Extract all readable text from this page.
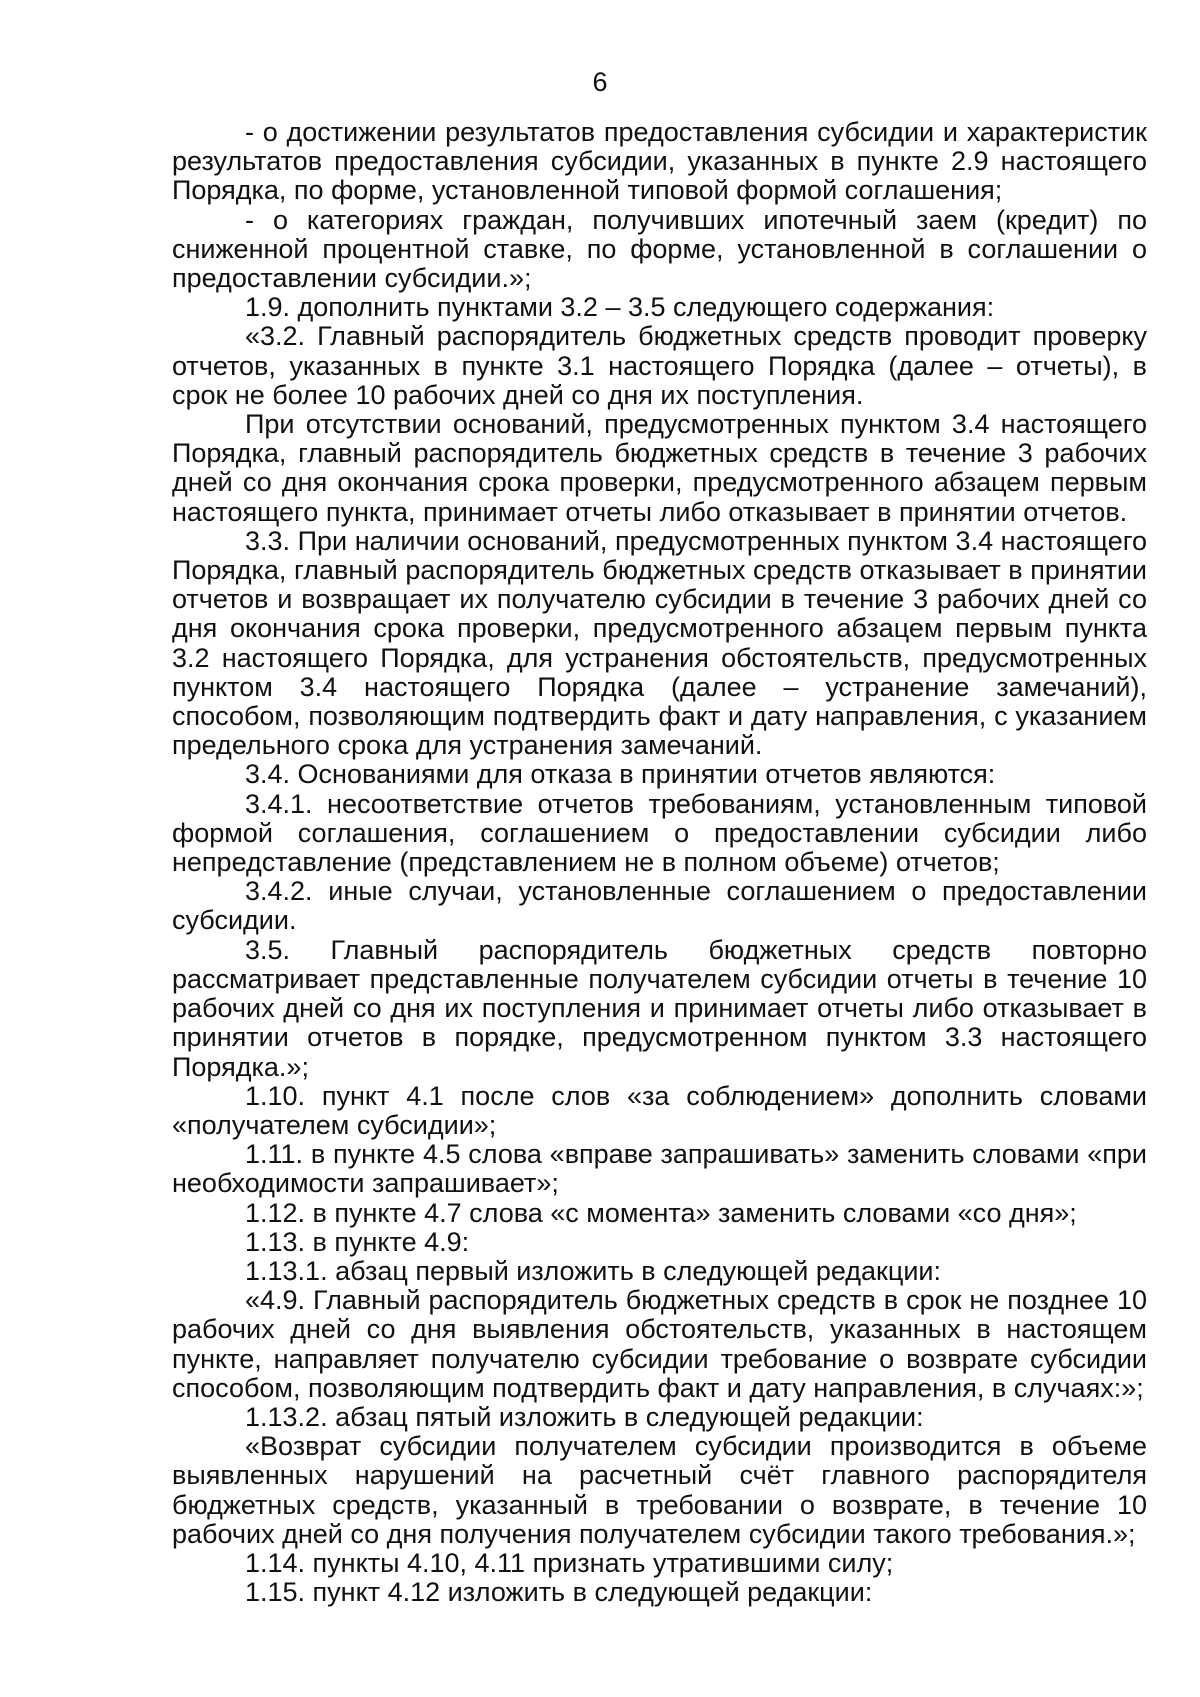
6

- о достижении результатов предоставления субсидии и характеристик результатов предоставления субсидии, указанных в пункте 2.9 настоящего Порядка, по форме, установленной типовой формой соглашения;

- о категориях граждан, получивших ипотечный заем (кредит) по сниженной процентной ставке, по форме, установленной в соглашении о предоставлении субсидии.»;

1.9. дополнить пунктами 3.2 – 3.5 следующего содержания:

«3.2. Главный распорядитель бюджетных средств проводит проверку отчетов, указанных в пункте 3.1 настоящего Порядка (далее – отчеты), в срок не более 10 рабочих дней со дня их поступления.

При отсутствии оснований, предусмотренных пунктом 3.4 настоящего Порядка, главный распорядитель бюджетных средств в течение 3 рабочих дней со дня окончания срока проверки, предусмотренного абзацем первым настоящего пункта, принимает отчеты либо отказывает в принятии отчетов.

3.3. При наличии оснований, предусмотренных пунктом 3.4 настоящего Порядка, главный распорядитель бюджетных средств отказывает в принятии отчетов и возвращает их получателю субсидии в течение 3 рабочих дней со дня окончания срока проверки, предусмотренного абзацем первым пункта 3.2 настоящего Порядка, для устранения обстоятельств, предусмотренных пунктом 3.4 настоящего Порядка (далее – устранение замечаний), способом, позволяющим подтвердить факт и дату направления, с указанием предельного срока для устранения замечаний.

3.4. Основаниями для отказа в принятии отчетов являются:

3.4.1. несоответствие отчетов требованиям, установленным типовой формой соглашения, соглашением о предоставлении субсидии либо непредставление (представлением не в полном объеме) отчетов;

3.4.2. иные случаи, установленные соглашением о предоставлении субсидии.

3.5. Главный распорядитель бюджетных средств повторно рассматривает представленные получателем субсидии отчеты в течение 10 рабочих дней со дня их поступления и принимает отчеты либо отказывает в принятии отчетов в порядке, предусмотренном пунктом 3.3 настоящего Порядка.»;

1.10. пункт 4.1 после слов «за соблюдением» дополнить словами «получателем субсидии»;

1.11. в пункте 4.5 слова «вправе запрашивать» заменить словами «при необходимости запрашивает»;

1.12. в пункте 4.7 слова «с момента» заменить словами «со дня»;

1.13. в пункте 4.9:

1.13.1. абзац первый изложить в следующей редакции:

«4.9. Главный распорядитель бюджетных средств в срок не позднее 10 рабочих дней со дня выявления обстоятельств, указанных в настоящем пункте, направляет получателю субсидии требование о возврате субсидии способом, позволяющим подтвердить факт и дату направления, в случаях:»;

1.13.2. абзац пятый изложить в следующей редакции:

«Возврат субсидии получателем субсидии производится в объеме выявленных нарушений на расчетный счёт главного распорядителя бюджетных средств, указанный в требовании о возврате, в течение 10 рабочих дней со дня получения получателем субсидии такого требования.»;

1.14. пункты 4.10, 4.11 признать утратившими силу;

1.15. пункт 4.12 изложить в следующей редакции:
